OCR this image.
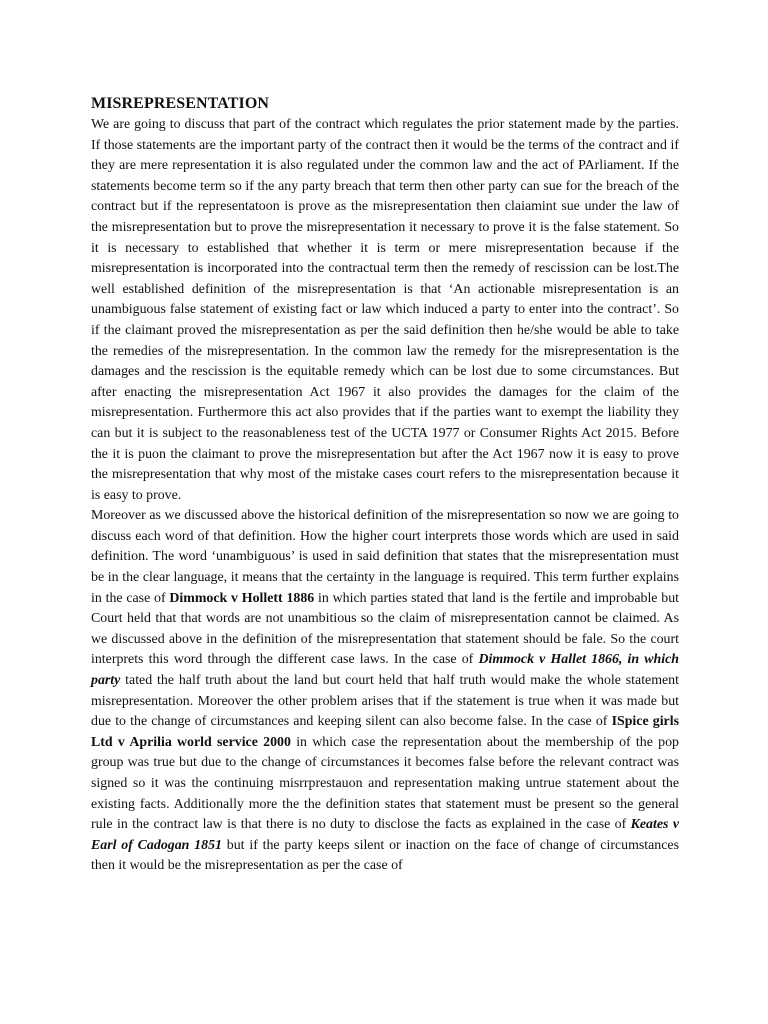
MISREPRESENTATION

We are going to discuss that part of the contract which regulates the prior statement made by the parties. If those statements are the important party of the contract then it would be the terms of the contract and if they are mere representation it is also regulated under the common law and the act of PArliament. If the statements become term so if the any party breach that term then other party can sue for the breach of the contract but if the representatoon is prove as the misrepresentation then claiamint sue under the law of the misrepresentation but to prove the misrepresentation it necessary to prove it is the false statement. So it is necessary to established that whether it is term or mere misrepresentation because if the misrepresentation is incorporated into the contractual term then the remedy of rescission can be lost.The well established definition of the misrepresentation is that ‘An actionable misrepresentation is an unambiguous false statement of existing fact or law which induced a party to enter into the contract’. So if the claimant proved the misrepresentation as per the said definition then he/she would be able to take the remedies of the misrepresentation. In the common law the remedy for the misrepresentation is the damages and the rescission is the equitable remedy which can be lost due to some circumstances. But after enacting the misrepresentation Act 1967 it also provides the damages for the claim of the misrepresentation. Furthermore this act also provides that if the parties want to exempt the liability they can but it is subject to the reasonableness test of the UCTA 1977 or Consumer Rights Act 2015. Before the it is puon the claimant to prove the misrepresentation but after the Act 1967 now it is easy to prove the misrepresentation that why most of the mistake cases court refers to the misrepresentation because it is easy to prove.

Moreover as we discussed above the historical definition of the misrepresentation so now we are going to discuss each word of that definition. How the higher court interprets those words which are used in said definition. The word ‘unambiguous’ is used in said definition that states that the misrepresentation must be in the clear language, it means that the certainty in the language is required. This term further explains in the case of Dimmock v Hollett 1886 in which parties stated that land is the fertile and improbable but Court held that that words are not unambitious so the claim of misrepresentation cannot be claimed. As we discussed above in the definition of the misrepresentation that statement should be fale. So the court interprets this word through the different case laws. In the case of Dimmock v Hallet 1866, in which party tated the half truth about the land but court held that half truth would make the whole statement misrepresentation. Moreover the other problem arises that if the statement is true when it was made but due to the change of circumstances and keeping silent can also become false. In the case of ISpice girls Ltd v Aprilia world service 2000 in which case the representation about the membership of the pop group was true but due to the change of circumstances it becomes false before the relevant contract was signed so it was the continuing misrrprestauon and representation making untrue statement about the existing facts. Additionally more the the definition states that statement must be present so the general rule in the contract law is that there is no duty to disclose the facts as explained in the case of Keates v Earl of Cadogan 1851 but if the party keeps silent or inaction on the face of change of circumstances then it would be the misrepresentation as per the case of
